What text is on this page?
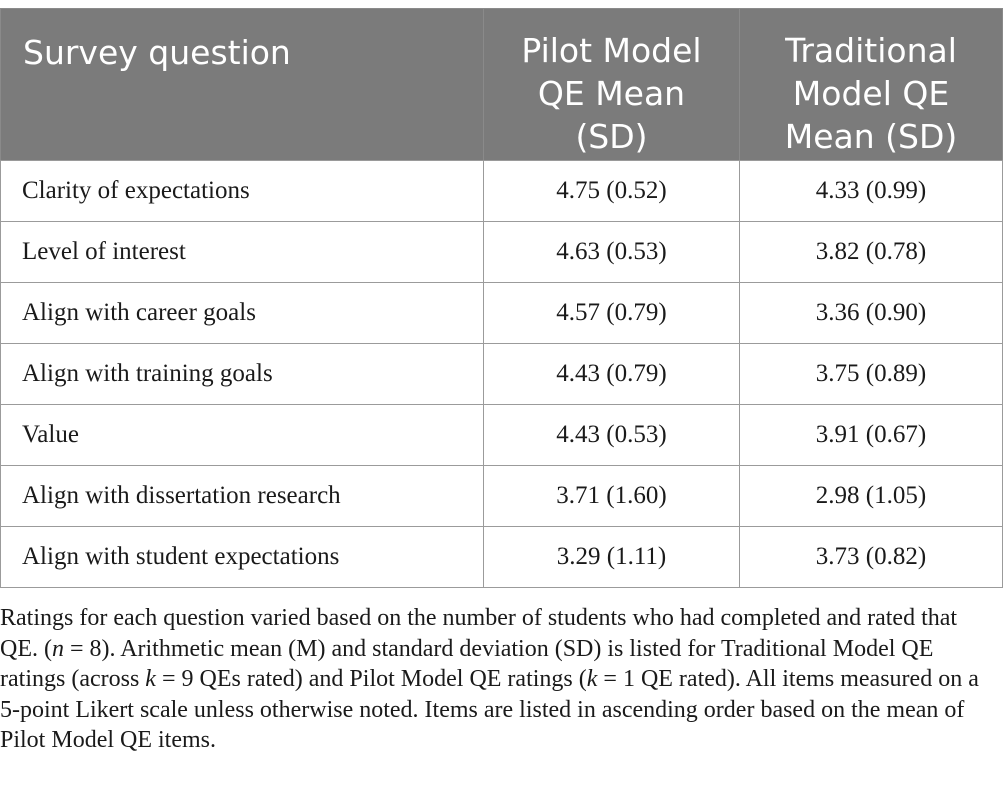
Survey question	Pilot Model QE Mean (SD)	Traditional Model QE Mean (SD)
Clarity of expectations	4.75 (0.52)	4.33 (0.99)
Level of interest	4.63 (0.53)	3.82 (0.78)
Align with career goals	4.57 (0.79)	3.36 (0.90)
Align with training goals	4.43 (0.79)	3.75 (0.89)
Value	4.43 (0.53)	3.91 (0.67)
Align with dissertation research	3.71 (1.60)	2.98 (1.05)
Align with student expectations	3.29 (1.11)	3.73 (0.82)

Ratings for each question varied based on the number of students who had completed and rated that QE. (n = 8). Arithmetic mean (M) and standard deviation (SD) is listed for Traditional Model QE ratings (across k = 9 QEs rated) and Pilot Model QE ratings (k = 1 QE rated). All items measured on a 5-point Likert scale unless otherwise noted. Items are listed in ascending order based on the mean of Pilot Model QE items.
